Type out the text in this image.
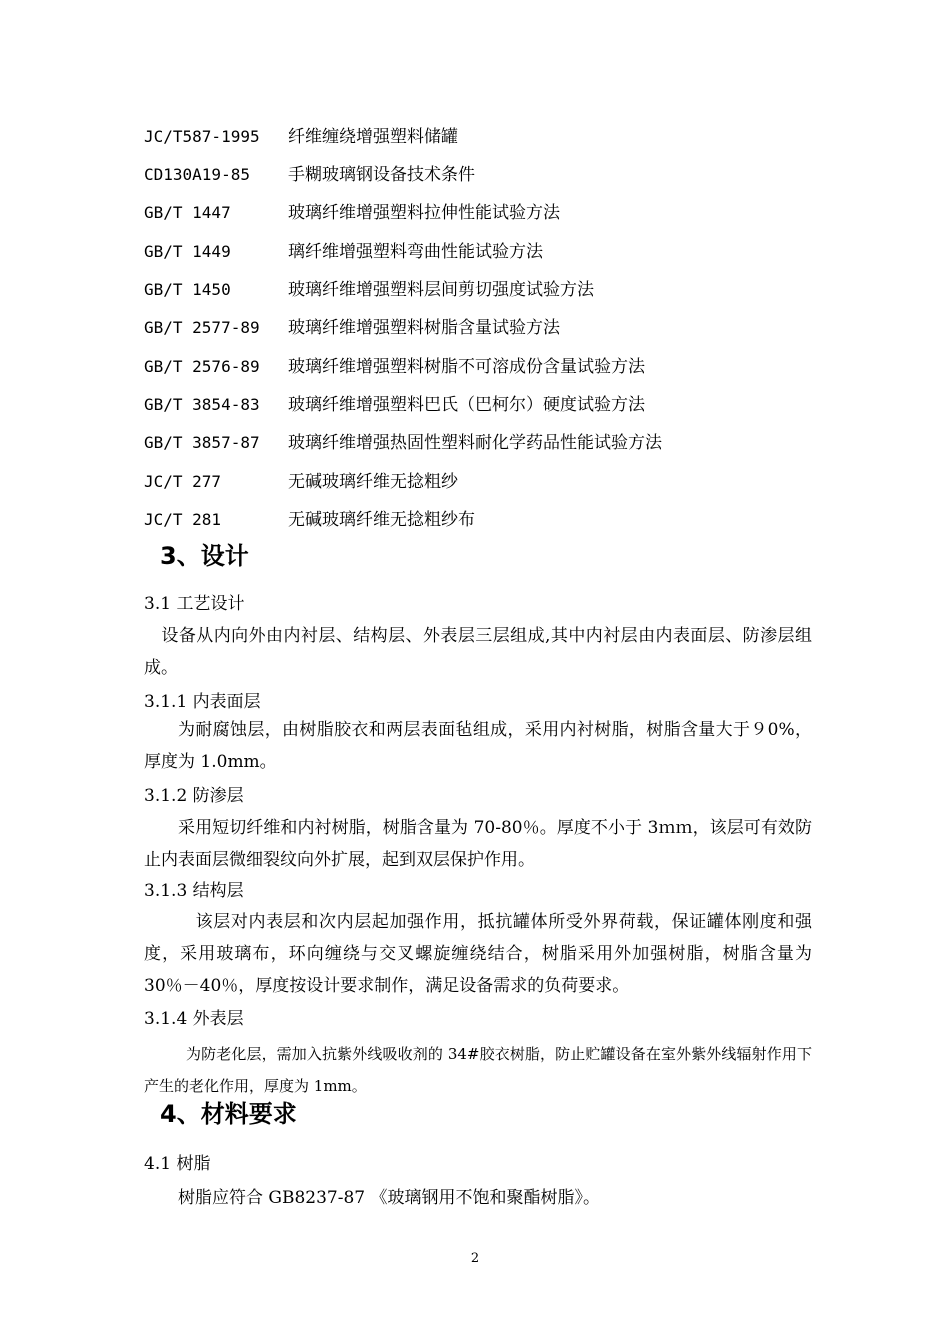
JC/T587-1995 纤维缠绕增强塑料储罐
CD130A19-85 手糊玻璃钢设备技术条件
GB/T 1447	玻璃纤维增强塑料拉伸性能试验方法
GB/T 1449	璃纤维增强塑料弯曲性能试验方法
GB/T 1450	玻璃纤维增强塑料层间剪切强度试验方法
GB/T 2577-89 玻璃纤维增强塑料树脂含量试验方法
GB/T 2576-89 玻璃纤维增强塑料树脂不可溶成份含量试验方法
GB/T 3854-83 玻璃纤维增强塑料巴氏（巴柯尔）硬度试验方法
GB/T 3857-87 玻璃纤维增强热固性塑料耐化学药品性能试验方法
JC/T 277	无碱玻璃纤维无捻粗纱
JC/T 281	无碱玻璃纤维无捻粗纱布
3、设计
3.1 工艺设计
　设备从内向外由内衬层、结构层、外表层三层组成,其中内衬层由内表面层、防渗层组成。
3.1.1 内表面层
为耐腐蚀层，由树脂胶衣和两层表面毡组成，采用内衬树脂，树脂含量大于９0%，厚度为 1.0mm。
3.1.2 防渗层
采用短切纤维和内衬树脂，树脂含量为 70-80％。厚度不小于 3ｍｍ，该层可有效防止内表面层微细裂纹向外扩展，起到双层保护作用。
3.1.3 结构层
　该层对内表层和次内层起加强作用，抵抗罐体所受外界荷载，保证罐体刚度和强度，采用玻璃布，环向缠绕与交叉螺旋缠绕结合，树脂采用外加强树脂，树脂含量为 30％－40％，厚度按设计要求制作，满足设备需求的负荷要求。
3.1.4 外表层
为防老化层，需加入抗紫外线吸收剂的 34#胶衣树脂，防止贮罐设备在室外紫外线辐射作用下产生的老化作用，厚度为 1mm。
4、材料要求
4.1 树脂
树脂应符合 GB8237-87 《玻璃钢用不饱和聚酯树脂》。
2
